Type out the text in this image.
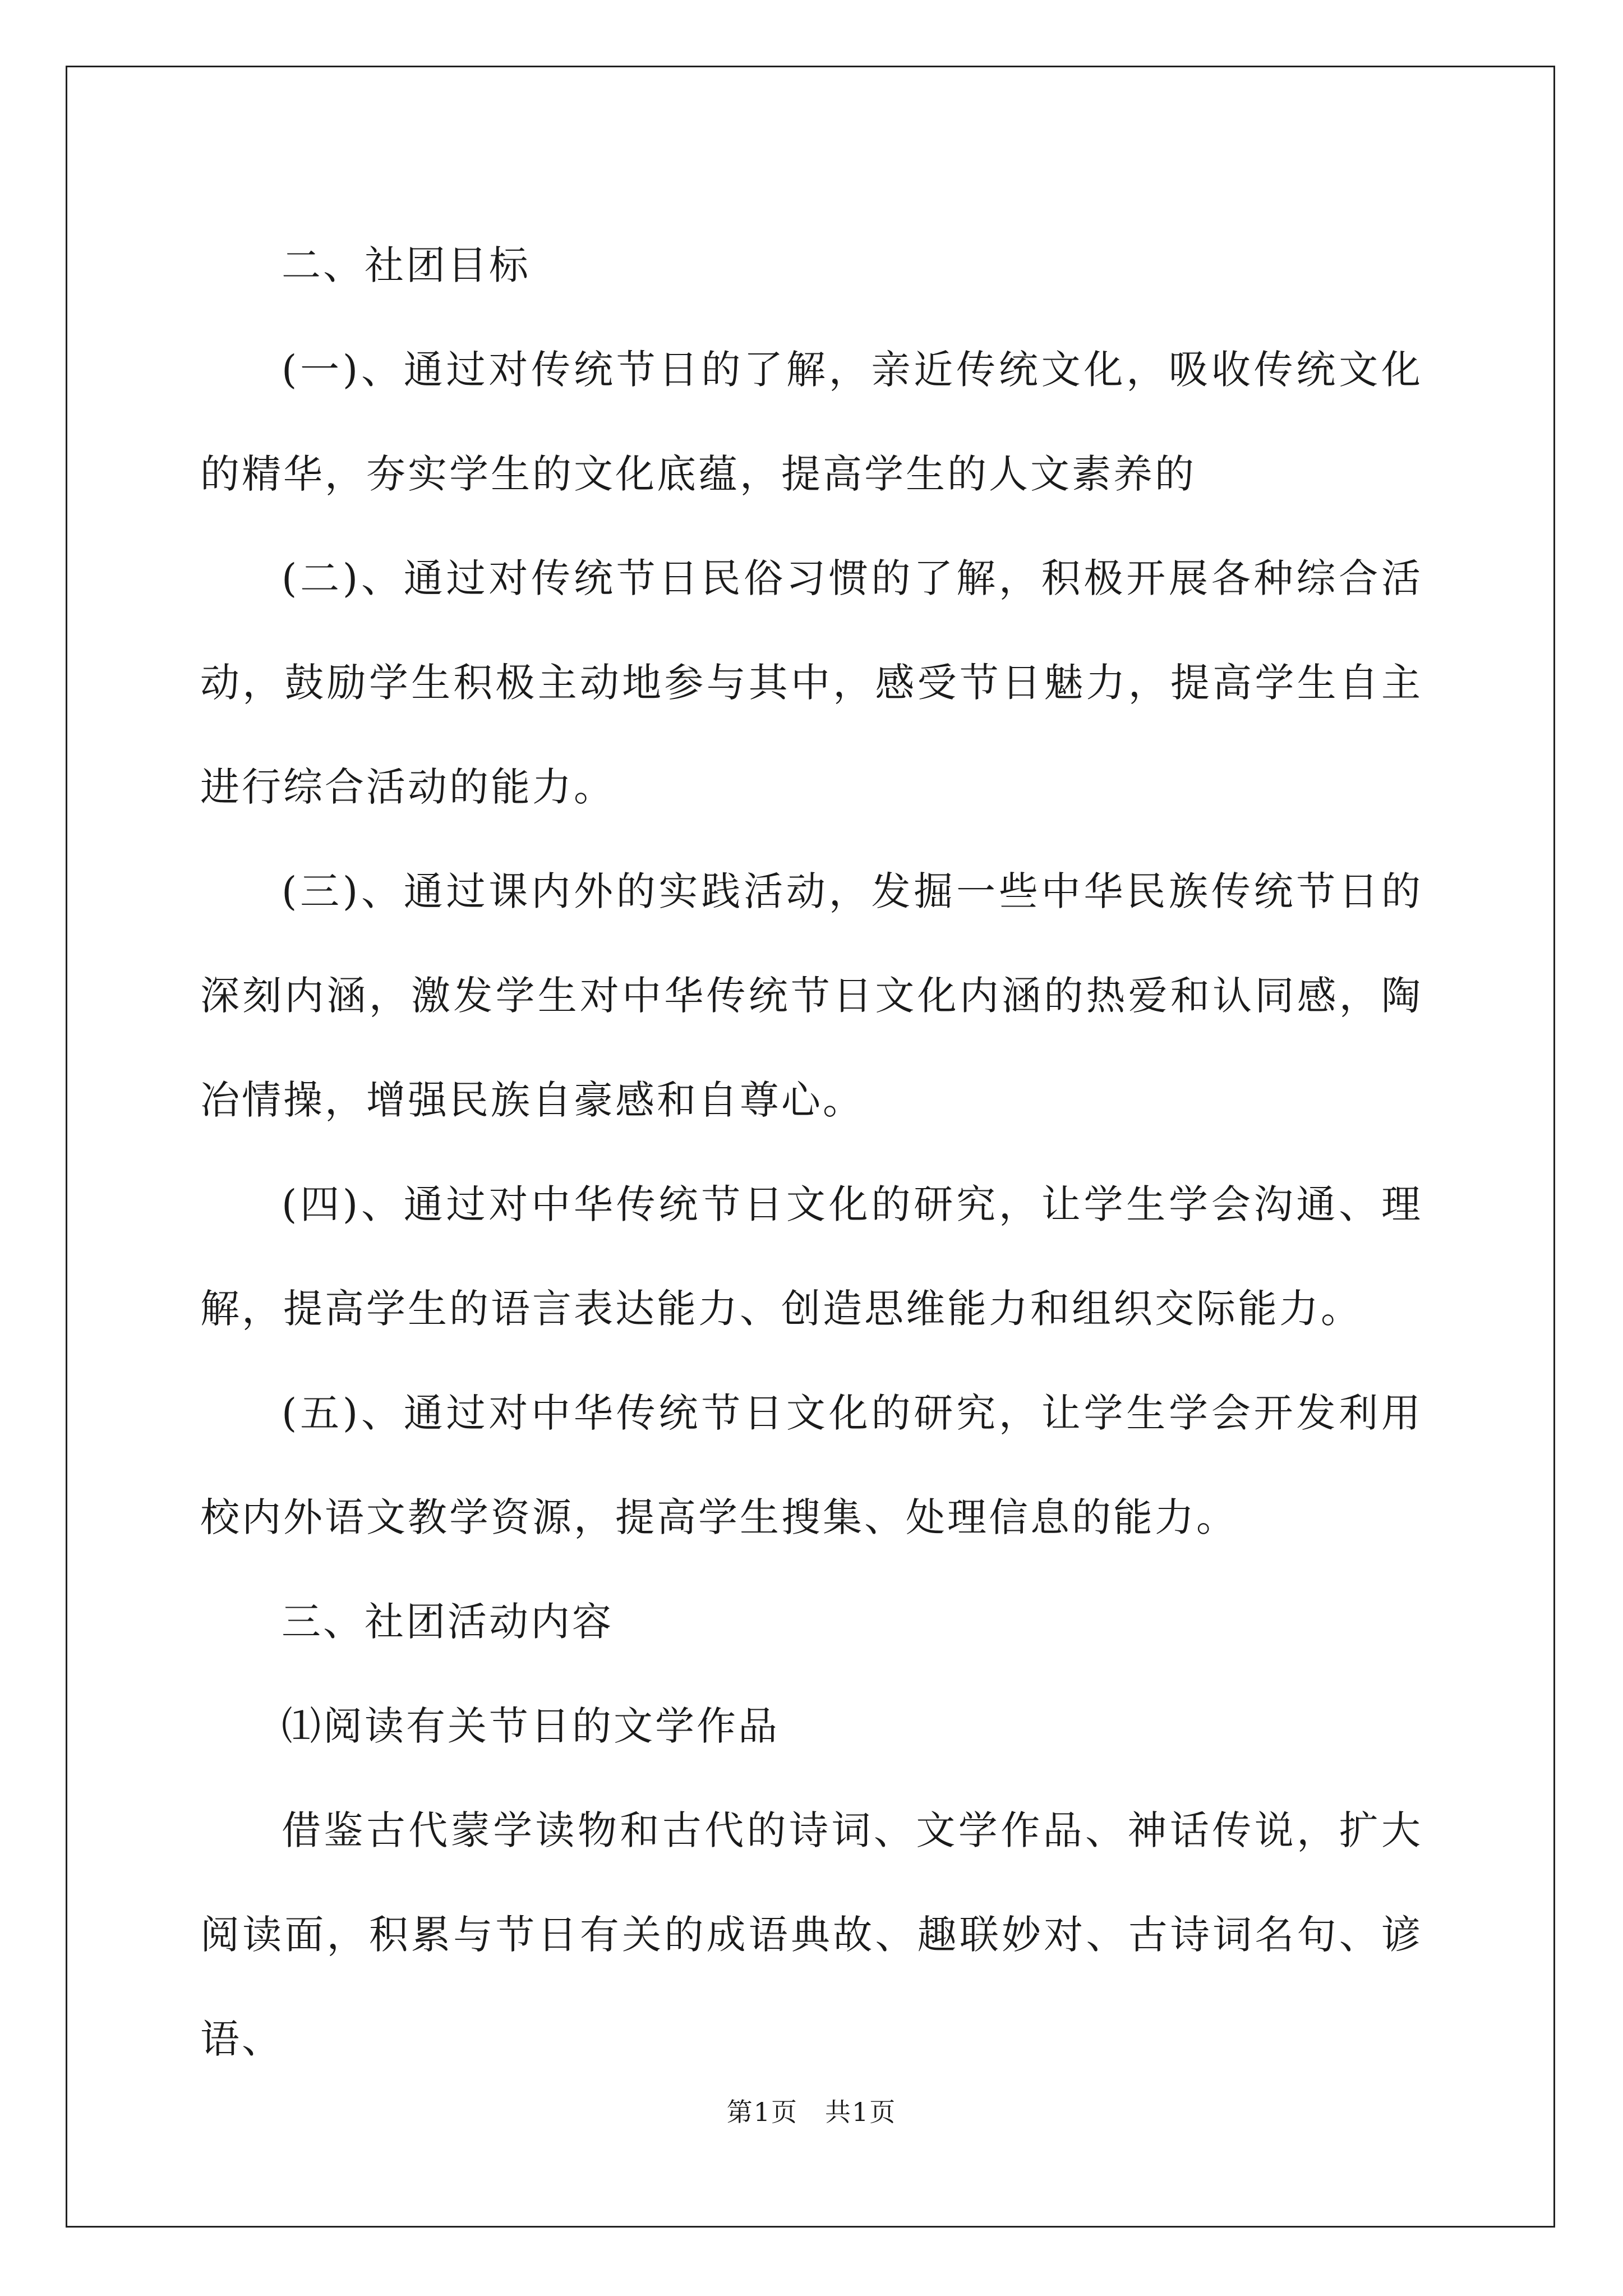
二、社团目标

(一)、通过对传统节日的了解，亲近传统文化，吸收传统文化的精华，夯实学生的文化底蕴，提高学生的人文素养的

(二)、通过对传统节日民俗习惯的了解，积极开展各种综合活动，鼓励学生积极主动地参与其中，感受节日魅力，提高学生自主进行综合活动的能力。

(三)、通过课内外的实践活动，发掘一些中华民族传统节日的深刻内涵，激发学生对中华传统节日文化内涵的热爱和认同感，陶冶情操，增强民族自豪感和自尊心。

(四)、通过对中华传统节日文化的研究，让学生学会沟通、理解，提高学生的语言表达能力、创造思维能力和组织交际能力。

(五)、通过对中华传统节日文化的研究，让学生学会开发利用校内外语文教学资源，提高学生搜集、处理信息的能力。

三、社团活动内容

⑴阅读有关节日的文学作品

借鉴古代蒙学读物和古代的诗词、文学作品、神话传说，扩大阅读面，积累与节日有关的成语典故、趣联妙对、古诗词名句、谚语、

第1页　共1页
